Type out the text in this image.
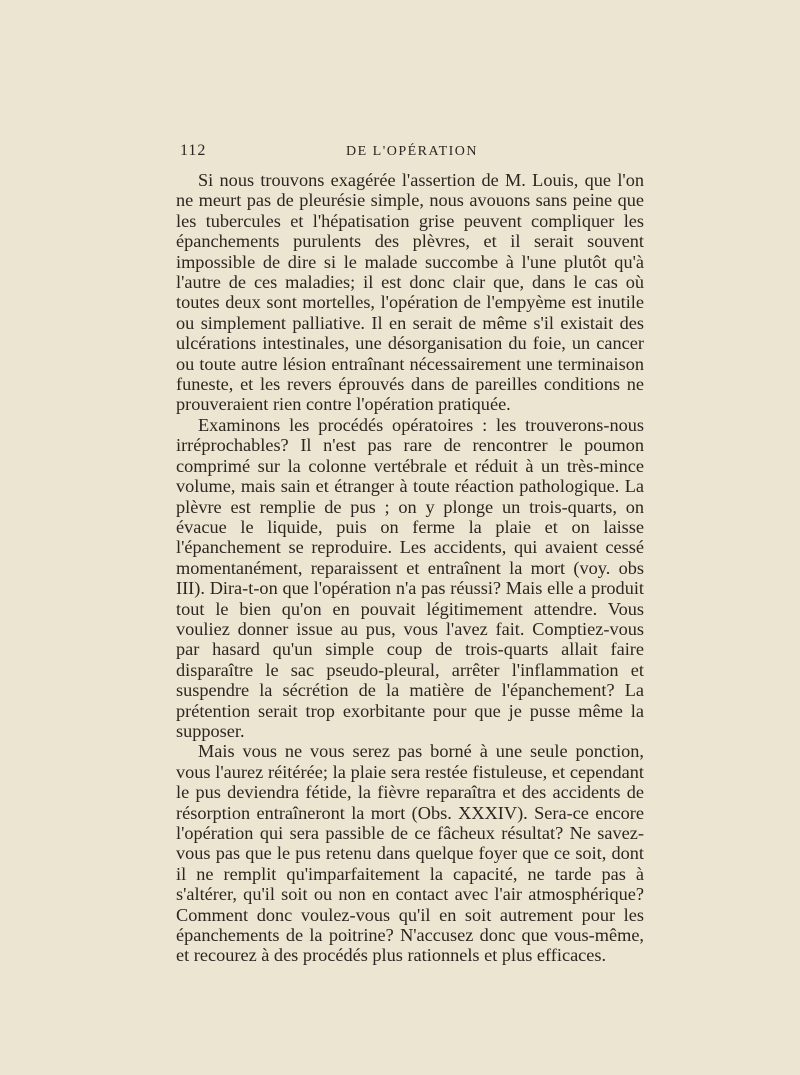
112	DE L'OPÉRATION

Si nous trouvons exagérée l'assertion de M. Louis, que l'on ne meurt pas de pleurésie simple, nous avouons sans peine que les tubercules et l'hépatisation grise peuvent compliquer les épanchements purulents des plèvres, et il serait souvent impossible de dire si le malade succombe à l'une plutôt qu'à l'autre de ces maladies; il est donc clair que, dans le cas où toutes deux sont mortelles, l'opération de l'empyème est inutile ou simplement palliative. Il en serait de même s'il existait des ulcérations intestinales, une désorganisation du foie, un cancer ou toute autre lésion entraînant nécessairement une terminaison funeste, et les revers éprouvés dans de pareilles conditions ne prouveraient rien contre l'opération pratiquée.

Examinons les procédés opératoires : les trouverons-nous irréprochables? Il n'est pas rare de rencontrer le poumon comprimé sur la colonne vertébrale et réduit à un très-mince volume, mais sain et étranger à toute réaction pathologique. La plèvre est remplie de pus ; on y plonge un trois-quarts, on évacue le liquide, puis on ferme la plaie et on laisse l'épanchement se reproduire. Les accidents, qui avaient cessé momentanément, reparaissent et entraînent la mort (voy. obs III). Dira-t-on que l'opération n'a pas réussi? Mais elle a produit tout le bien qu'on en pouvait légitimement attendre. Vous vouliez donner issue au pus, vous l'avez fait. Comptiez-vous par hasard qu'un simple coup de trois-quarts allait faire disparaître le sac pseudo-pleural, arrêter l'inflammation et suspendre la sécrétion de la matière de l'épanchement? La prétention serait trop exorbitante pour que je pusse même la supposer.

Mais vous ne vous serez pas borné à une seule ponction, vous l'aurez réitérée; la plaie sera restée fistuleuse, et cependant le pus deviendra fétide, la fièvre reparaîtra et des accidents de résorption entraîneront la mort (Obs. XXXIV). Sera-ce encore l'opération qui sera passible de ce fâcheux résultat? Ne savez-vous pas que le pus retenu dans quelque foyer que ce soit, dont il ne remplit qu'imparfaitement la capacité, ne tarde pas à s'altérer, qu'il soit ou non en contact avec l'air atmosphérique? Comment donc voulez-vous qu'il en soit autrement pour les épanchements de la poitrine? N'accusez donc que vous-même, et recourez à des procédés plus rationnels et plus efficaces.
